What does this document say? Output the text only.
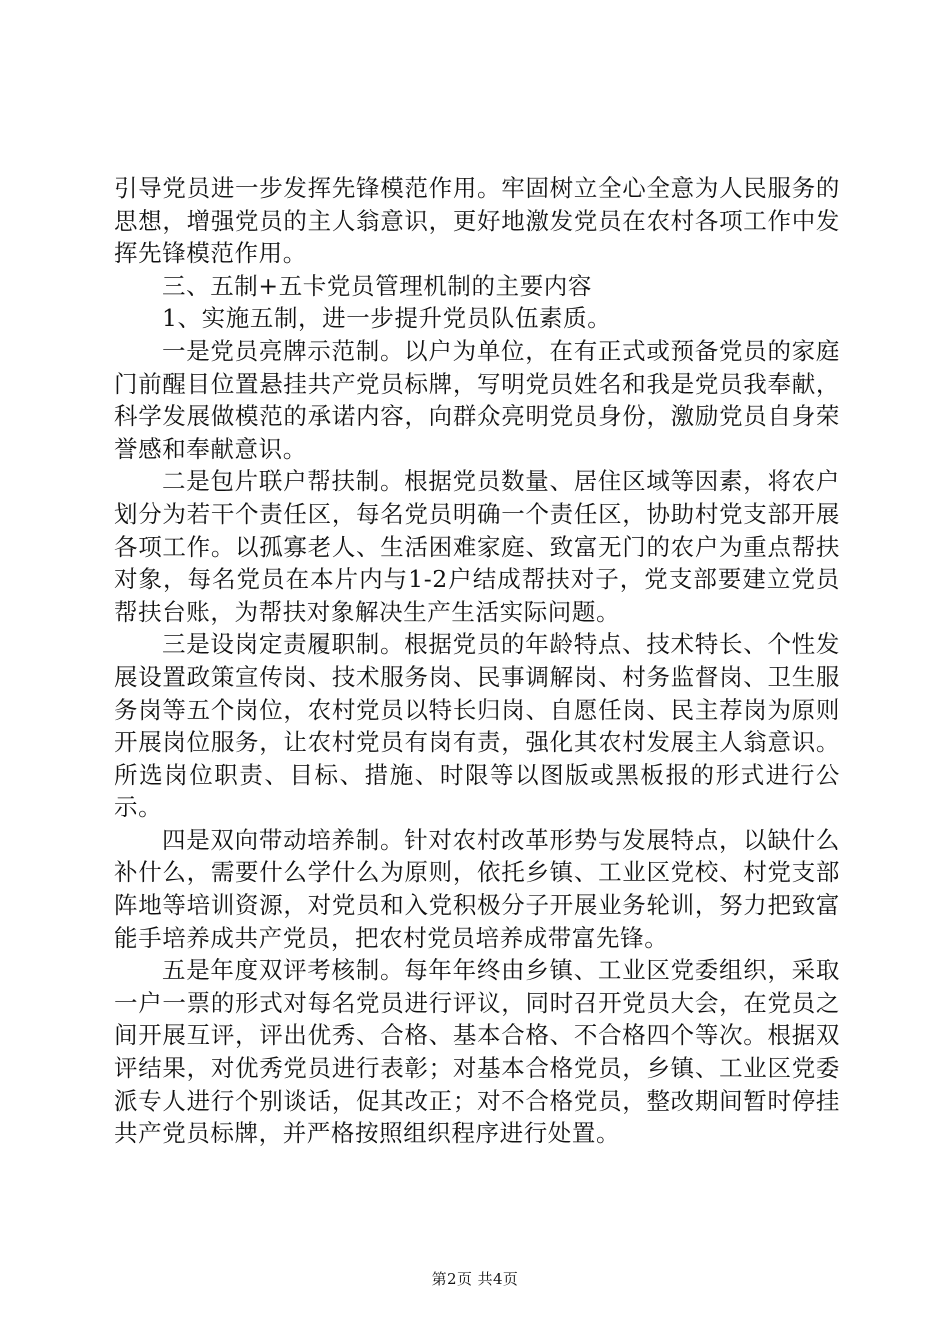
引导党员进一步发挥先锋模范作用。牢固树立全心全意为人民服务的思想，增强党员的主人翁意识，更好地激发党员在农村各项工作中发挥先锋模范作用。

三、五制+五卡党员管理机制的主要内容

1、实施五制，进一步提升党员队伍素质。

一是党员亮牌示范制。以户为单位，在有正式或预备党员的家庭门前醒目位置悬挂共产党员标牌，写明党员姓名和我是党员我奉献，科学发展做模范的承诺内容，向群众亮明党员身份，激励党员自身荣誉感和奉献意识。

二是包片联户帮扶制。根据党员数量、居住区域等因素，将农户划分为若干个责任区，每名党员明确一个责任区，协助村党支部开展各项工作。以孤寡老人、生活困难家庭、致富无门的农户为重点帮扶对象，每名党员在本片内与1-2户结成帮扶对子，党支部要建立党员帮扶台账，为帮扶对象解决生产生活实际问题。

三是设岗定责履职制。根据党员的年龄特点、技术特长、个性发展设置政策宣传岗、技术服务岗、民事调解岗、村务监督岗、卫生服务岗等五个岗位，农村党员以特长归岗、自愿任岗、民主荐岗为原则开展岗位服务，让农村党员有岗有责，强化其农村发展主人翁意识。所选岗位职责、目标、措施、时限等以图版或黑板报的形式进行公示。

四是双向带动培养制。针对农村改革形势与发展特点，以缺什么补什么，需要什么学什么为原则，依托乡镇、工业区党校、村党支部阵地等培训资源，对党员和入党积极分子开展业务轮训，努力把致富能手培养成共产党员，把农村党员培养成带富先锋。

五是年度双评考核制。每年年终由乡镇、工业区党委组织，采取一户一票的形式对每名党员进行评议，同时召开党员大会，在党员之间开展互评，评出优秀、合格、基本合格、不合格四个等次。根据双评结果，对优秀党员进行表彰；对基本合格党员，乡镇、工业区党委派专人进行个别谈话，促其改正；对不合格党员，整改期间暂时停挂共产党员标牌，并严格按照组织程序进行处置。

第2页 共4页
